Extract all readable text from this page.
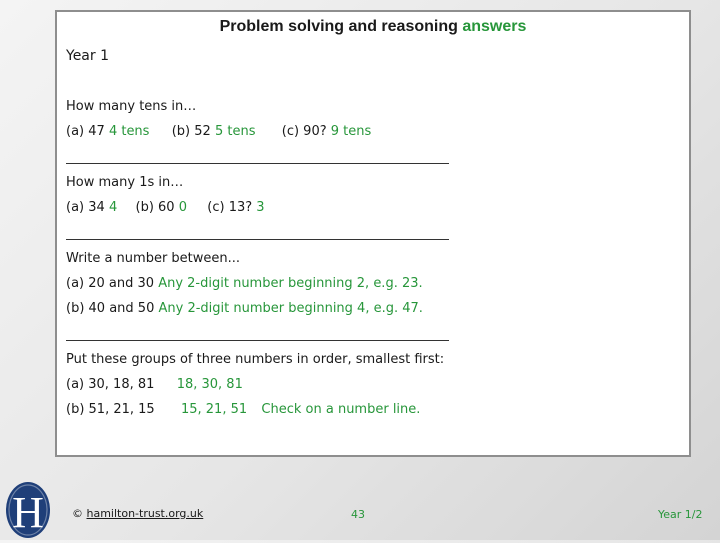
Problem solving and reasoning answers
Year 1
How many tens in…
(a) 47 4 tens (b) 52 5 tens (c) 90? 9 tens
How many 1s in…
(a) 34 4 (b) 60 0 (c) 13? 3
Write a number between...
(a) 20 and 30 Any 2-digit number beginning 2, e.g. 23.
(b) 40 and 50 Any 2-digit number beginning 4, e.g. 47.
Put these groups of three numbers in order, smallest first:
(a) 30, 18, 81 18, 30, 81
(b) 51, 21, 15 15, 21, 51 Check on a number line.
H	© hamilton-trust.org.uk	43	Year 1/2
